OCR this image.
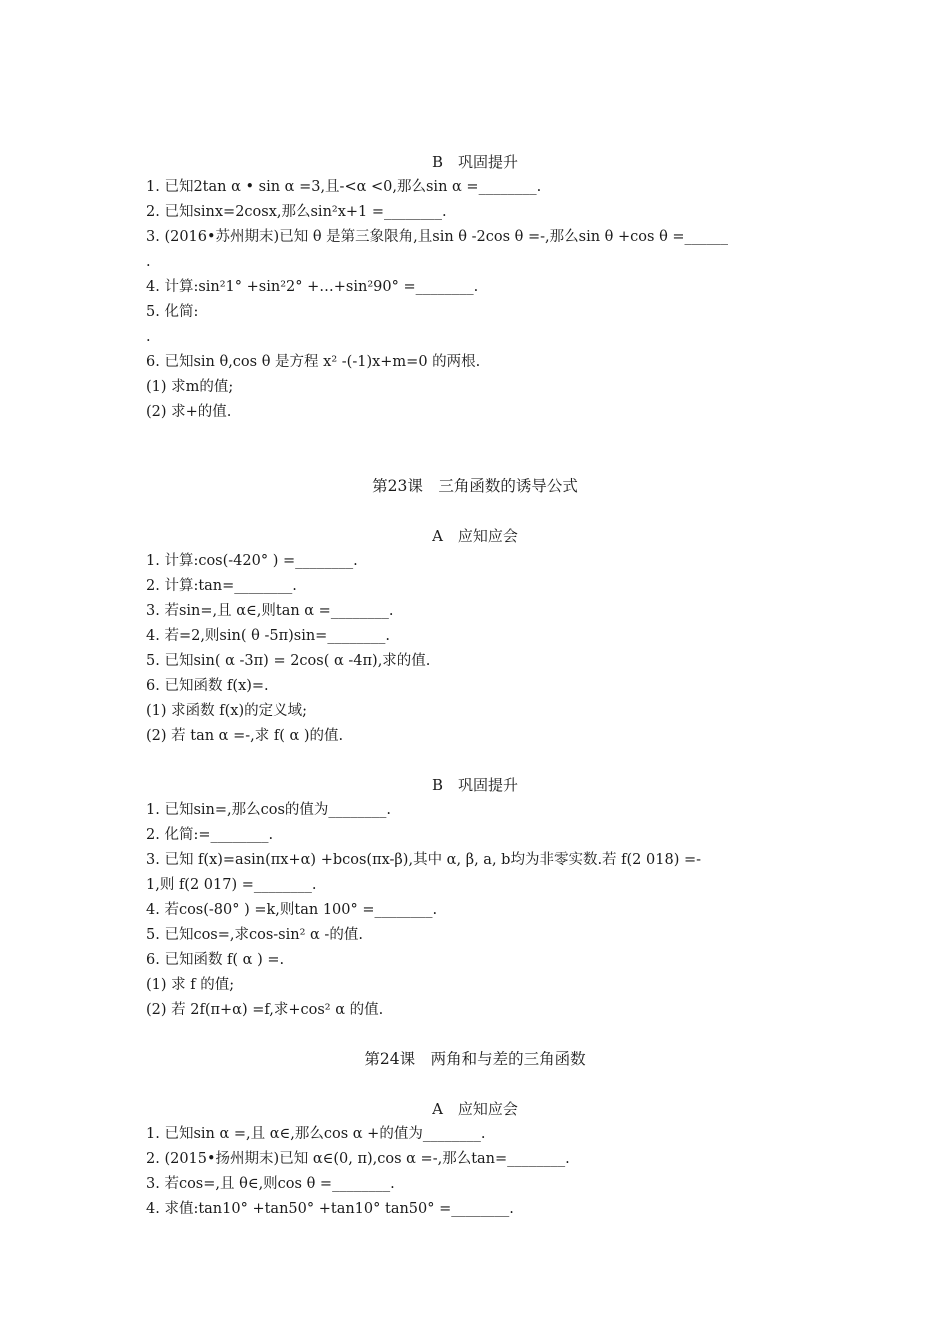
B　巩固提升
1. 已知2tan α • sin α =3,且-<α <0,那么sin α =________.
2. 已知sinx=2cosx,那么sin²x+1 =________.
3. (2016•苏州期末)已知 θ 是第三象限角,且sin θ -2cos θ =-,那么sin θ +cos θ =______
.
4. 计算:sin²1° +sin²2° +…+sin²90° =________.
5. 化简:
.
6. 已知sin θ,cos θ 是方程 x² -(-1)x+m=0 的两根.
(1) 求m的值;
(2) 求+的值.
第23课　三角函数的诱导公式
A　应知应会
1. 计算:cos(-420° ) =________.
2. 计算:tan=________.
3. 若sin=,且 α∈,则tan α =________.
4. 若=2,则sin( θ -5π)sin=________.
5. 已知sin( α -3π) = 2cos( α -4π),求的值.
6. 已知函数 f(x)=.
(1) 求函数 f(x)的定义域;
(2) 若 tan α =-,求 f( α )的值.
B　巩固提升
1. 已知sin=,那么cos的值为________.
2. 化简:=________.
3. 已知 f(x)=asin(πx+α) +bcos(πx-β),其中 α, β, a, b均为非零实数.若 f(2 018) =-
1,则 f(2 017) =________.
4. 若cos(-80° ) =k,则tan 100° =________.
5. 已知cos=,求cos-sin² α -的值.
6. 已知函数 f( α ) =.
(1) 求 f 的值;
(2) 若 2f(π+α) =f,求+cos² α 的值.
第24课　两角和与差的三角函数
A　应知应会
1. 已知sin α =,且 α∈,那么cos α +的值为________.
2. (2015•扬州期末)已知 α∈(0, π),cos α =-,那么tan=________.
3. 若cos=,且 θ∈,则cos θ =________.
4. 求值:tan10° +tan50° +tan10° tan50° =________.
